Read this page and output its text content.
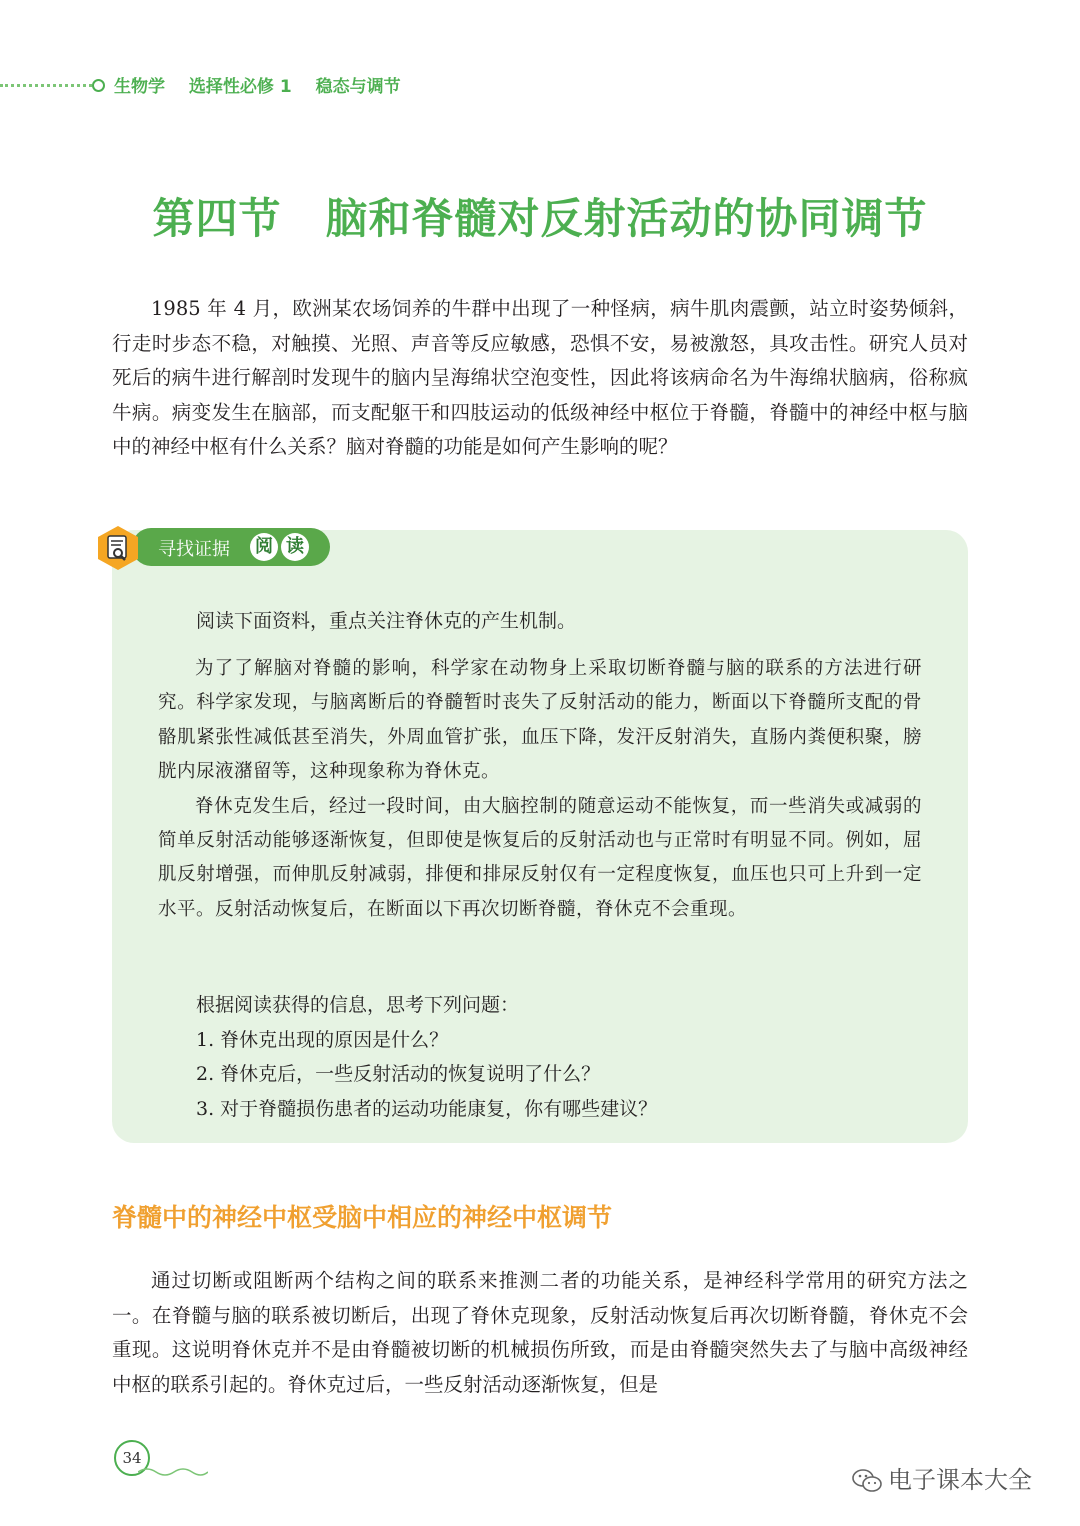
生物学 选择性必修 1 稳态与调节
第四节 脑和脊髓对反射活动的协同调节

1985 年 4 月，欧洲某农场饲养的牛群中出现了一种怪病，病牛肌肉震颤，站立时姿势倾斜，行走时步态不稳，对触摸、光照、声音等反应敏感，恐惧不安，易被激怒，具攻击性。研究人员对死后的病牛进行解剖时发现牛的脑内呈海绵状空泡变性，因此将该病命名为牛海绵状脑病，俗称疯牛病。病变发生在脑部，而支配躯干和四肢运动的低级神经中枢位于脊髓，脊髓中的神经中枢与脑中的神经中枢有什么关系？脑对脊髓的功能是如何产生影响的呢？

寻找证据 阅 读

阅读下面资料，重点关注脊休克的产生机制。

为了了解脑对脊髓的影响，科学家在动物身上采取切断脊髓与脑的联系的方法进行研究。科学家发现，与脑离断后的脊髓暂时丧失了反射活动的能力，断面以下脊髓所支配的骨骼肌紧张性减低甚至消失，外周血管扩张，血压下降，发汗反射消失，直肠内粪便积聚，膀胱内尿液潴留等，这种现象称为脊休克。

脊休克发生后，经过一段时间，由大脑控制的随意运动不能恢复，而一些消失或减弱的简单反射活动能够逐渐恢复，但即使是恢复后的反射活动也与正常时有明显不同。例如，屈肌反射增强，而伸肌反射减弱，排便和排尿反射仅有一定程度恢复，血压也只可上升到一定水平。反射活动恢复后，在断面以下再次切断脊髓，脊休克不会重现。

根据阅读获得的信息，思考下列问题：

1. 脊休克出现的原因是什么？

2. 脊休克后，一些反射活动的恢复说明了什么？

3. 对于脊髓损伤患者的运动功能康复，你有哪些建议？

脊髓中的神经中枢受脑中相应的神经中枢调节

通过切断或阻断两个结构之间的联系来推测二者的功能关系，是神经科学常用的研究方法之一。在脊髓与脑的联系被切断后，出现了脊休克现象，反射活动恢复后再次切断脊髓，脊休克不会重现。这说明脊休克并不是由脊髓被切断的机械损伤所致，而是由脊髓突然失去了与脑中高级神经中枢的联系引起的。脊休克过后，一些反射活动逐渐恢复，但是

34
电子课本大全
